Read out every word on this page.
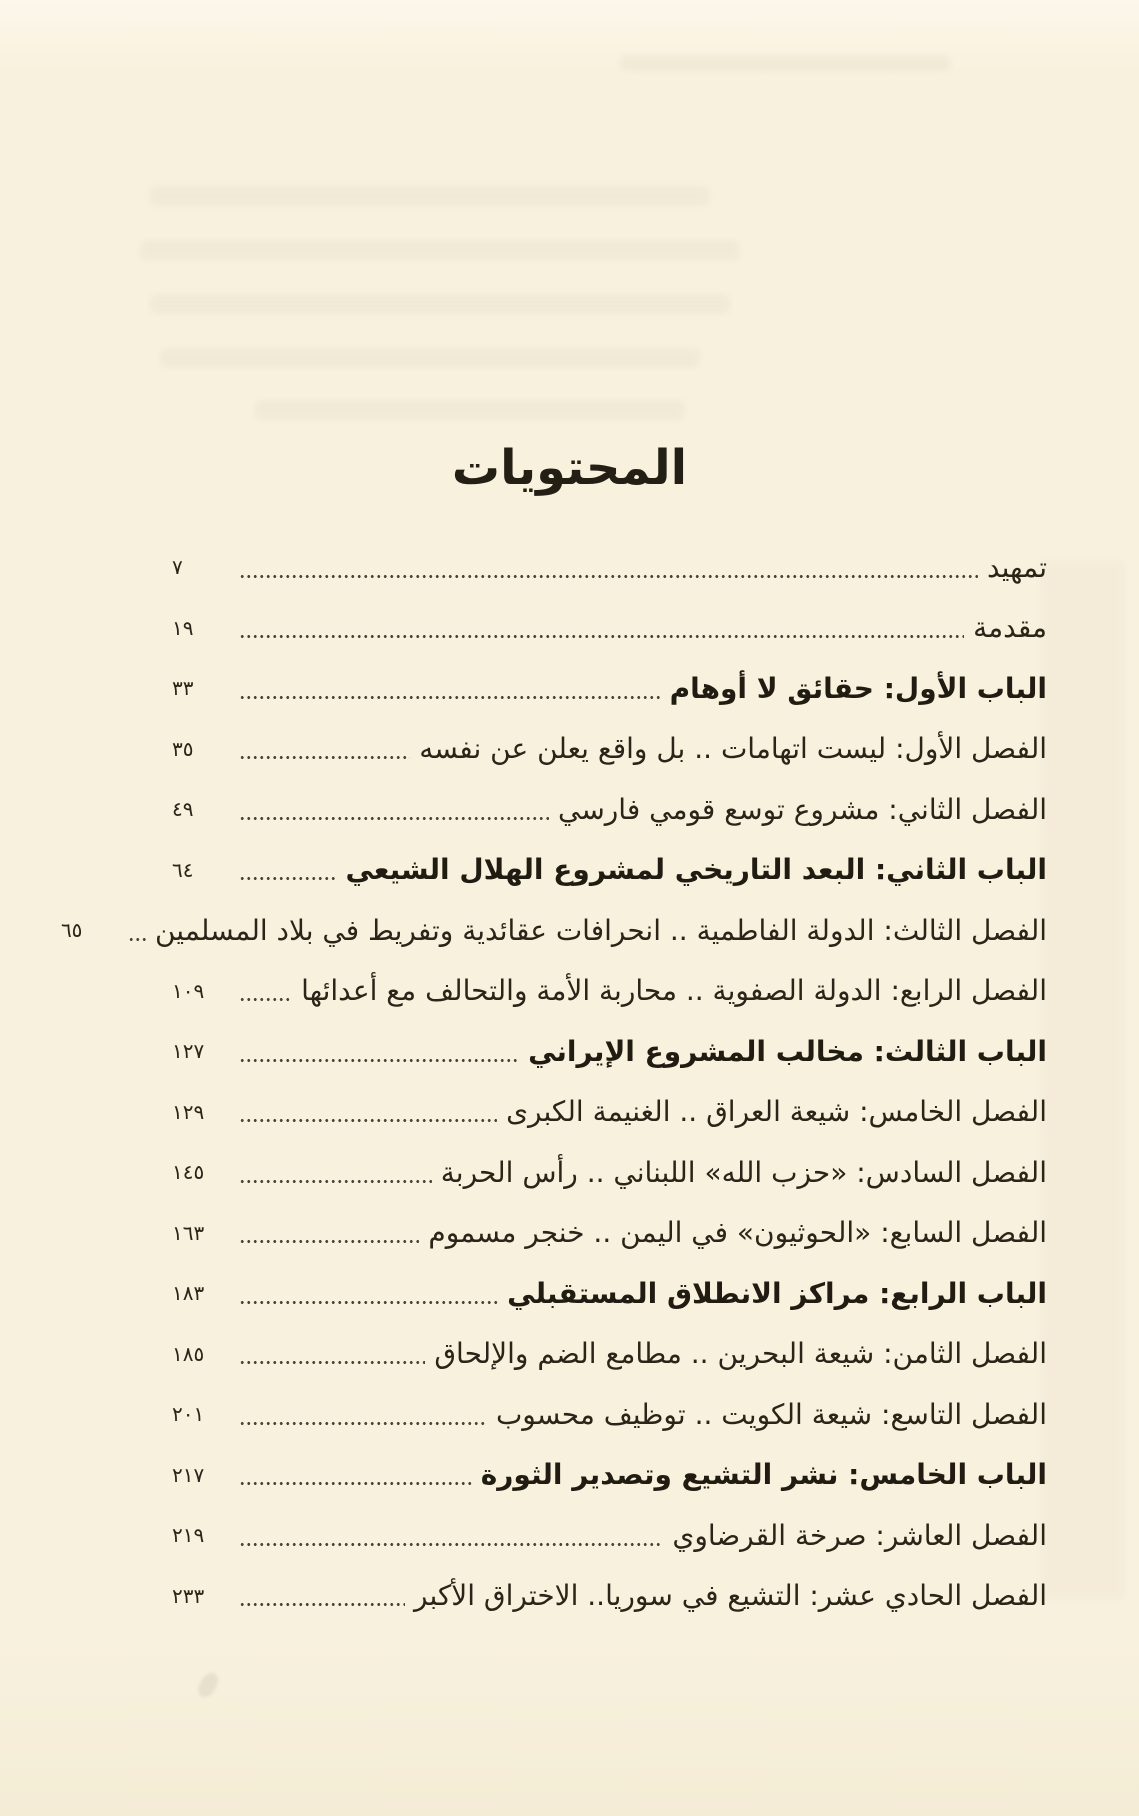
المحتويات
تمهيد
٧
مقدمة
١٩
الباب الأول: حقائق لا أوهام
٣٣
الفصل الأول: ليست اتهامات .. بل واقع يعلن عن نفسه
٣٥
الفصل الثاني: مشروع توسع قومي فارسي
٤٩
الباب الثاني: البعد التاريخي لمشروع الهلال الشيعي
٦٤
الفصل الثالث: الدولة الفاطمية .. انحرافات عقائدية وتفريط في بلاد المسلمين
٦٥
الفصل الرابع: الدولة الصفوية .. محاربة الأمة والتحالف مع أعدائها
١٠٩
الباب الثالث: مخالب المشروع الإيراني
١٢٧
الفصل الخامس: شيعة العراق .. الغنيمة الكبرى
١٢٩
الفصل السادس: «حزب الله» اللبناني .. رأس الحربة
١٤٥
الفصل السابع: «الحوثيون» في اليمن .. خنجر مسموم
١٦٣
الباب الرابع: مراكز الانطلاق المستقبلي
١٨٣
الفصل الثامن: شيعة البحرين .. مطامع الضم والإلحاق
١٨٥
الفصل التاسع: شيعة الكويت .. توظيف محسوب
٢٠١
الباب الخامس: نشر التشيع وتصدير الثورة
٢١٧
الفصل العاشر: صرخة القرضاوي
٢١٩
الفصل الحادي عشر: التشيع في سوريا.. الاختراق الأكبر
٢٣٣
